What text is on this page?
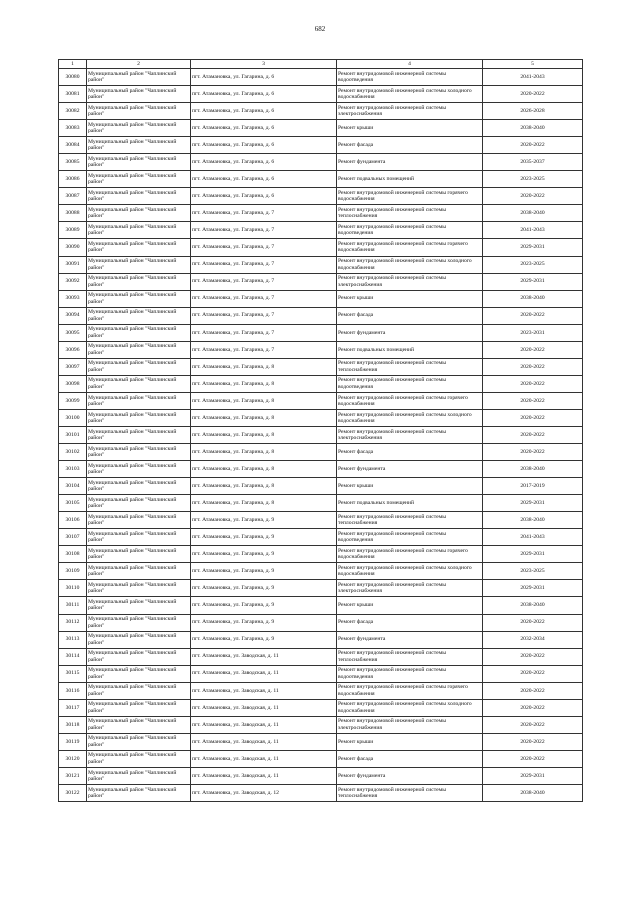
682
1	2	3	4	5
30080	Муниципальный район "Чаплинский район"	пгт. Атамановка, ул. Гагарина, д. 6	Ремонт внутридомовой инженерной системы водоотведения	2041-2043
30081	Муниципальный район "Чаплинский район"	пгт. Атамановка, ул. Гагарина, д. 6	Ремонт внутридомовой инженерной системы холодного водоснабжения	2020-2022
30082	Муниципальный район "Чаплинский район"	пгт. Атамановка, ул. Гагарина, д. 6	Ремонт внутридомовой инженерной системы электроснабжения	2026-2028
30083	Муниципальный район "Чаплинский район"	пгт. Атамановка, ул. Гагарина, д. 6	Ремонт крыши	2038-2040
30084	Муниципальный район "Чаплинский район"	пгт. Атамановка, ул. Гагарина, д. 6	Ремонт фасада	2020-2022
30085	Муниципальный район "Чаплинский район"	пгт. Атамановка, ул. Гагарина, д. 6	Ремонт фундамента	2035-2037
30086	Муниципальный район "Чаплинский район"	пгт. Атамановка, ул. Гагарина, д. 6	Ремонт подвальных помещений	2023-2025
30087	Муниципальный район "Чаплинский район"	пгт. Атамановка, ул. Гагарина, д. 6	Ремонт внутридомовой инженерной системы горячего водоснабжения	2020-2022
30088	Муниципальный район "Чаплинский район"	пгт. Атамановка, ул. Гагарина, д. 7	Ремонт внутридомовой инженерной системы теплоснабжения	2038-2040
30089	Муниципальный район "Чаплинский район"	пгт. Атамановка, ул. Гагарина, д. 7	Ремонт внутридомовой инженерной системы водоотведения	2041-2043
30090	Муниципальный район "Чаплинский район"	пгт. Атамановка, ул. Гагарина, д. 7	Ремонт внутридомовой инженерной системы горячего водоснабжения	2029-2031
30091	Муниципальный район "Чаплинский район"	пгт. Атамановка, ул. Гагарина, д. 7	Ремонт внутридомовой инженерной системы холодного водоснабжения	2023-2025
30092	Муниципальный район "Чаплинский район"	пгт. Атамановка, ул. Гагарина, д. 7	Ремонт внутридомовой инженерной системы электроснабжения	2029-2031
30093	Муниципальный район "Чаплинский район"	пгт. Атамановка, ул. Гагарина, д. 7	Ремонт крыши	2038-2040
30094	Муниципальный район "Чаплинский район"	пгт. Атамановка, ул. Гагарина, д. 7	Ремонт фасада	2020-2022
30095	Муниципальный район "Чаплинский район"	пгт. Атамановка, ул. Гагарина, д. 7	Ремонт фундамента	2023-2031
30096	Муниципальный район "Чаплинский район"	пгт. Атамановка, ул. Гагарина, д. 7	Ремонт подвальных помещений	2020-2022
30097	Муниципальный район "Чаплинский район"	пгт. Атамановка, ул. Гагарина, д. 8	Ремонт внутридомовой инженерной системы теплоснабжения	2020-2022
30098	Муниципальный район "Чаплинский район"	пгт. Атамановка, ул. Гагарина, д. 8	Ремонт внутридомовой инженерной системы водоотведения	2020-2022
30099	Муниципальный район "Чаплинский район"	пгт. Атамановка, ул. Гагарина, д. 8	Ремонт внутридомовой инженерной системы горячего водоснабжения	2020-2022
30100	Муниципальный район "Чаплинский район"	пгт. Атамановка, ул. Гагарина, д. 8	Ремонт внутридомовой инженерной системы холодного водоснабжения	2020-2022
30101	Муниципальный район "Чаплинский район"	пгт. Атамановка, ул. Гагарина, д. 8	Ремонт внутридомовой инженерной системы электроснабжения	2020-2022
30102	Муниципальный район "Чаплинский район"	пгт. Атамановка, ул. Гагарина, д. 8	Ремонт фасада	2020-2022
30103	Муниципальный район "Чаплинский район"	пгт. Атамановка, ул. Гагарина, д. 8	Ремонт фундамента	2038-2040
30104	Муниципальный район "Чаплинский район"	пгт. Атамановка, ул. Гагарина, д. 8	Ремонт крыши	2017-2019
30105	Муниципальный район "Чаплинский район"	пгт. Атамановка, ул. Гагарина, д. 8	Ремонт подвальных помещений	2029-2031
30106	Муниципальный район "Чаплинский район"	пгт. Атамановка, ул. Гагарина, д. 9	Ремонт внутридомовой инженерной системы теплоснабжения	2038-2040
30107	Муниципальный район "Чаплинский район"	пгт. Атамановка, ул. Гагарина, д. 9	Ремонт внутридомовой инженерной системы водоотведения	2041-2043
30108	Муниципальный район "Чаплинский район"	пгт. Атамановка, ул. Гагарина, д. 9	Ремонт внутридомовой инженерной системы горячего водоснабжения	2029-2031
30109	Муниципальный район "Чаплинский район"	пгт. Атамановка, ул. Гагарина, д. 9	Ремонт внутридомовой инженерной системы холодного водоснабжения	2023-2025
30110	Муниципальный район "Чаплинский район"	пгт. Атамановка, ул. Гагарина, д. 9	Ремонт внутридомовой инженерной системы электроснабжения	2029-2031
30111	Муниципальный район "Чаплинский район"	пгт. Атамановка, ул. Гагарина, д. 9	Ремонт крыши	2038-2040
30112	Муниципальный район "Чаплинский район"	пгт. Атамановка, ул. Гагарина, д. 9	Ремонт фасада	2020-2022
30113	Муниципальный район "Чаплинский район"	пгт. Атамановка, ул. Гагарина, д. 9	Ремонт фундамента	2032-2034
30114	Муниципальный район "Чаплинский район"	пгт. Атамановка, ул. Заводская, д. 11	Ремонт внутридомовой инженерной системы теплоснабжения	2020-2022
30115	Муниципальный район "Чаплинский район"	пгт. Атамановка, ул. Заводская, д. 11	Ремонт внутридомовой инженерной системы водоотведения	2020-2022
30116	Муниципальный район "Чаплинский район"	пгт. Атамановка, ул. Заводская, д. 11	Ремонт внутридомовой инженерной системы горячего водоснабжения	2020-2022
30117	Муниципальный район "Чаплинский район"	пгт. Атамановка, ул. Заводская, д. 11	Ремонт внутридомовой инженерной системы холодного водоснабжения	2020-2022
30118	Муниципальный район "Чаплинский район"	пгт. Атамановка, ул. Заводская, д. 11	Ремонт внутридомовой инженерной системы электроснабжения	2020-2022
30119	Муниципальный район "Чаплинский район"	пгт. Атамановка, ул. Заводская, д. 11	Ремонт крыши	2020-2022
30120	Муниципальный район "Чаплинский район"	пгт. Атамановка, ул. Заводская, д. 11	Ремонт фасада	2020-2022
30121	Муниципальный район "Чаплинский район"	пгт. Атамановка, ул. Заводская, д. 11	Ремонт фундамента	2029-2031
30122	Муниципальный район "Чаплинский район"	пгт. Атамановка, ул. Заводская, д. 12	Ремонт внутридомовой инженерной системы теплоснабжения	2038-2040
